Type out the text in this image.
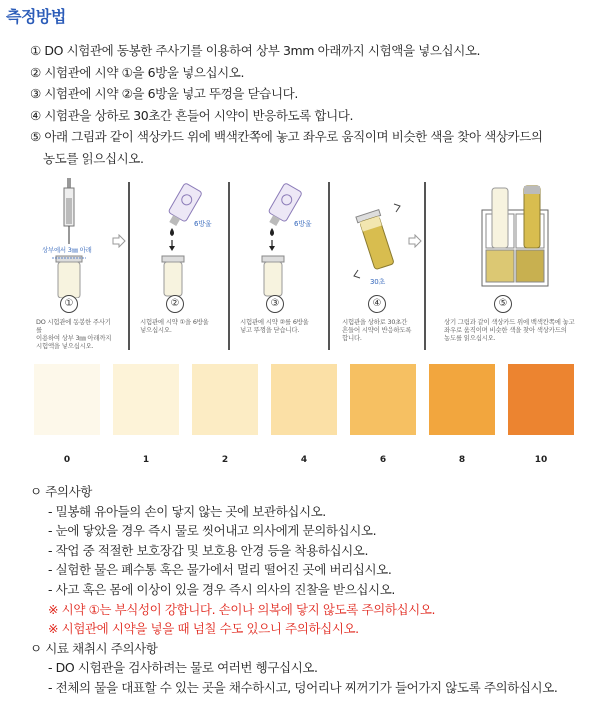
측정방법
① DO 시험관에 동봉한 주사기를 이용하여 상부 3mm 아래까지 시험액을 넣으십시오.
② 시험관에 시약 ①을 6방울 넣으십시오.
③ 시험관에 시약 ②을 6방울 넣고 뚜껑을 닫습니다.
④ 시험관을 상하로 30초간 흔들어 시약이 반응하도록 합니다.
⑤ 아래 그림과 같이 색상카드 위에 백색칸쪽에 놓고 좌우로 움직이며 비슷한 색을 찾아 색상카드의
농도를 읽으십시오.
상부에서 3㎜ 아래
①
DO 시험관에 동봉한 주사기를
이용하여 상부 3㎜ 아래까지
시험액을 넣으십시오.
6방울
②
시험관에 시약 ①을 6방울
넣으십시오.
6방울
③
시험관에 시약 ②를 6방울
넣고 뚜껑을 닫습니다.
30초
④
시험관을 상하로 30초간
흔들어 시약이 반응하도록
합니다.
⑤
상기 그림과 같이 색상카드 위에 백색칸쪽에 놓고
좌우로 움직이며 비슷한 색을 찾아 색상카드의
농도를 읽으십시오.
0	1	2	4	6	8	10
ㅇ 주의사항
- 밀봉해 유아들의 손이 닿지 않는 곳에 보관하십시오.
- 눈에 닿았을 경우 즉시 물로 씻어내고 의사에게 문의하십시오.
- 작업 중 적절한 보호장갑 및 보호용 안경 등을 착용하십시오.
- 실험한 물은 폐수통 혹은 물가에서 멀리 떨어진 곳에 버리십시오.
- 사고 혹은 몸에 이상이 있을 경우 즉시 의사의 진찰을 받으십시오.
※ 시약 ①는 부식성이 강합니다. 손이나 의복에 닿지 않도록 주의하십시오.
※ 시험관에 시약을 넣을 때 넘칠 수도 있으니 주의하십시오.
ㅇ 시료 채취시 주의사항
- DO 시험관을 검사하려는 물로 여러번 헹구십시오.
- 전체의 물을 대표할 수 있는 곳을 채수하시고, 덩어리나 찌꺼기가 들어가지 않도록 주의하십시오.
